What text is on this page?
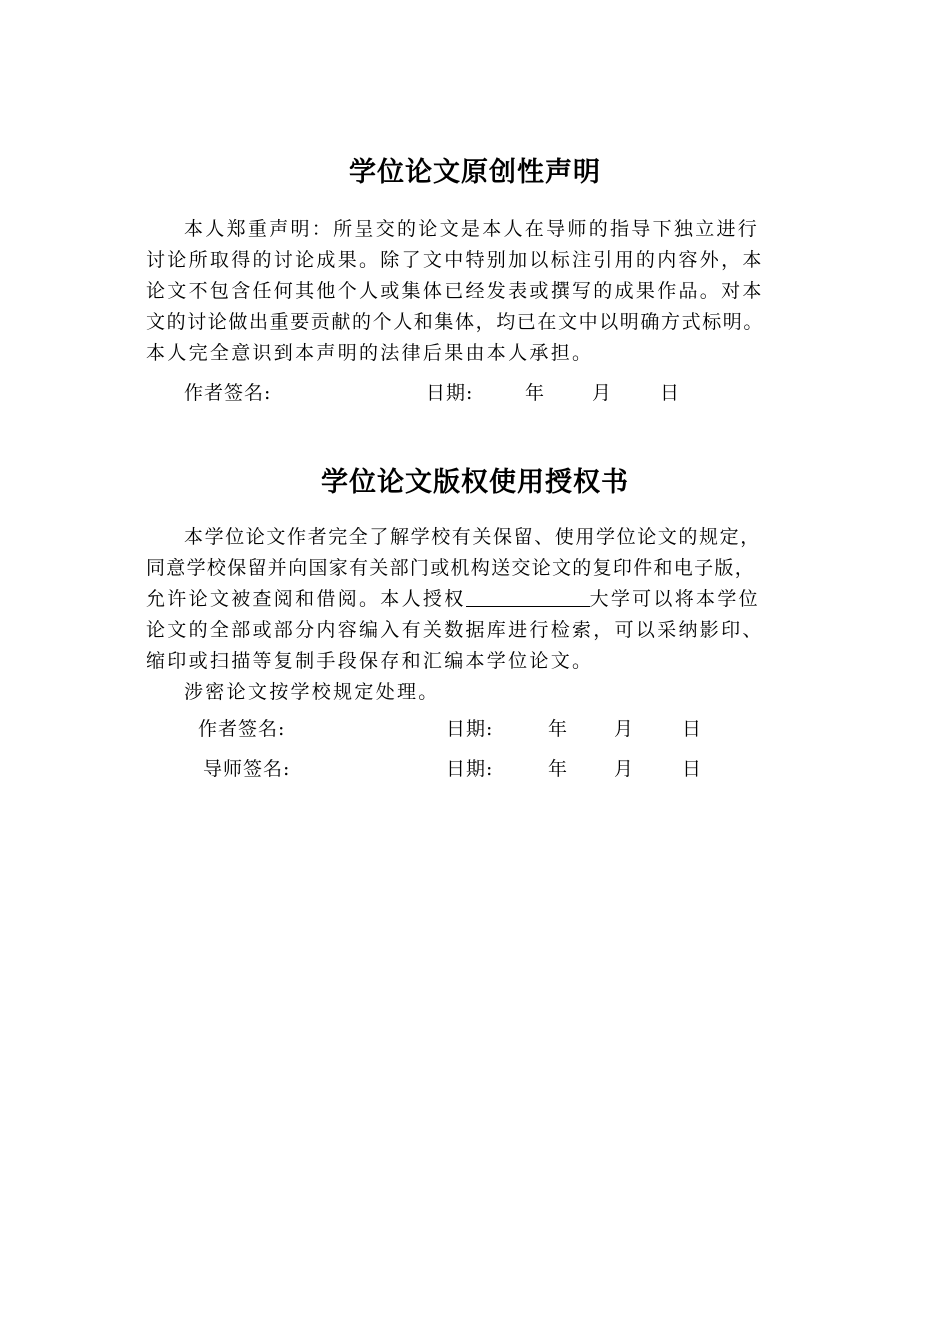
学位论文原创性声明

本人郑重声明：所呈交的论文是本人在导师的指导下独立进行

讨论所取得的讨论成果。除了文中特别加以标注引用的内容外，本

论文不包含任何其他个人或集体已经发表或撰写的成果作品。对本

文的讨论做出重要贡献的个人和集体，均已在文中以明确方式标明。

本人完全意识到本声明的法律后果由本人承担。

作者签名:	日期:	年 月	日
学位论文版权使用授权书

本学位论文作者完全了解学校有关保留、使用学位论文的规定，

同意学校保留并向国家有关部门或机构送交论文的复印件和电子版，

允许论文被查阅和借阅。本人授权	大学可以将本学位

论文的全部或部分内容编入有关数据库进行检索，可以采纳影印、

缩印或扫描等复制手段保存和汇编本学位论文。

涉密论文按学校规定处理。

作者签名:	日期:	年 月	日
导师签名:	日期:	年 月	日
